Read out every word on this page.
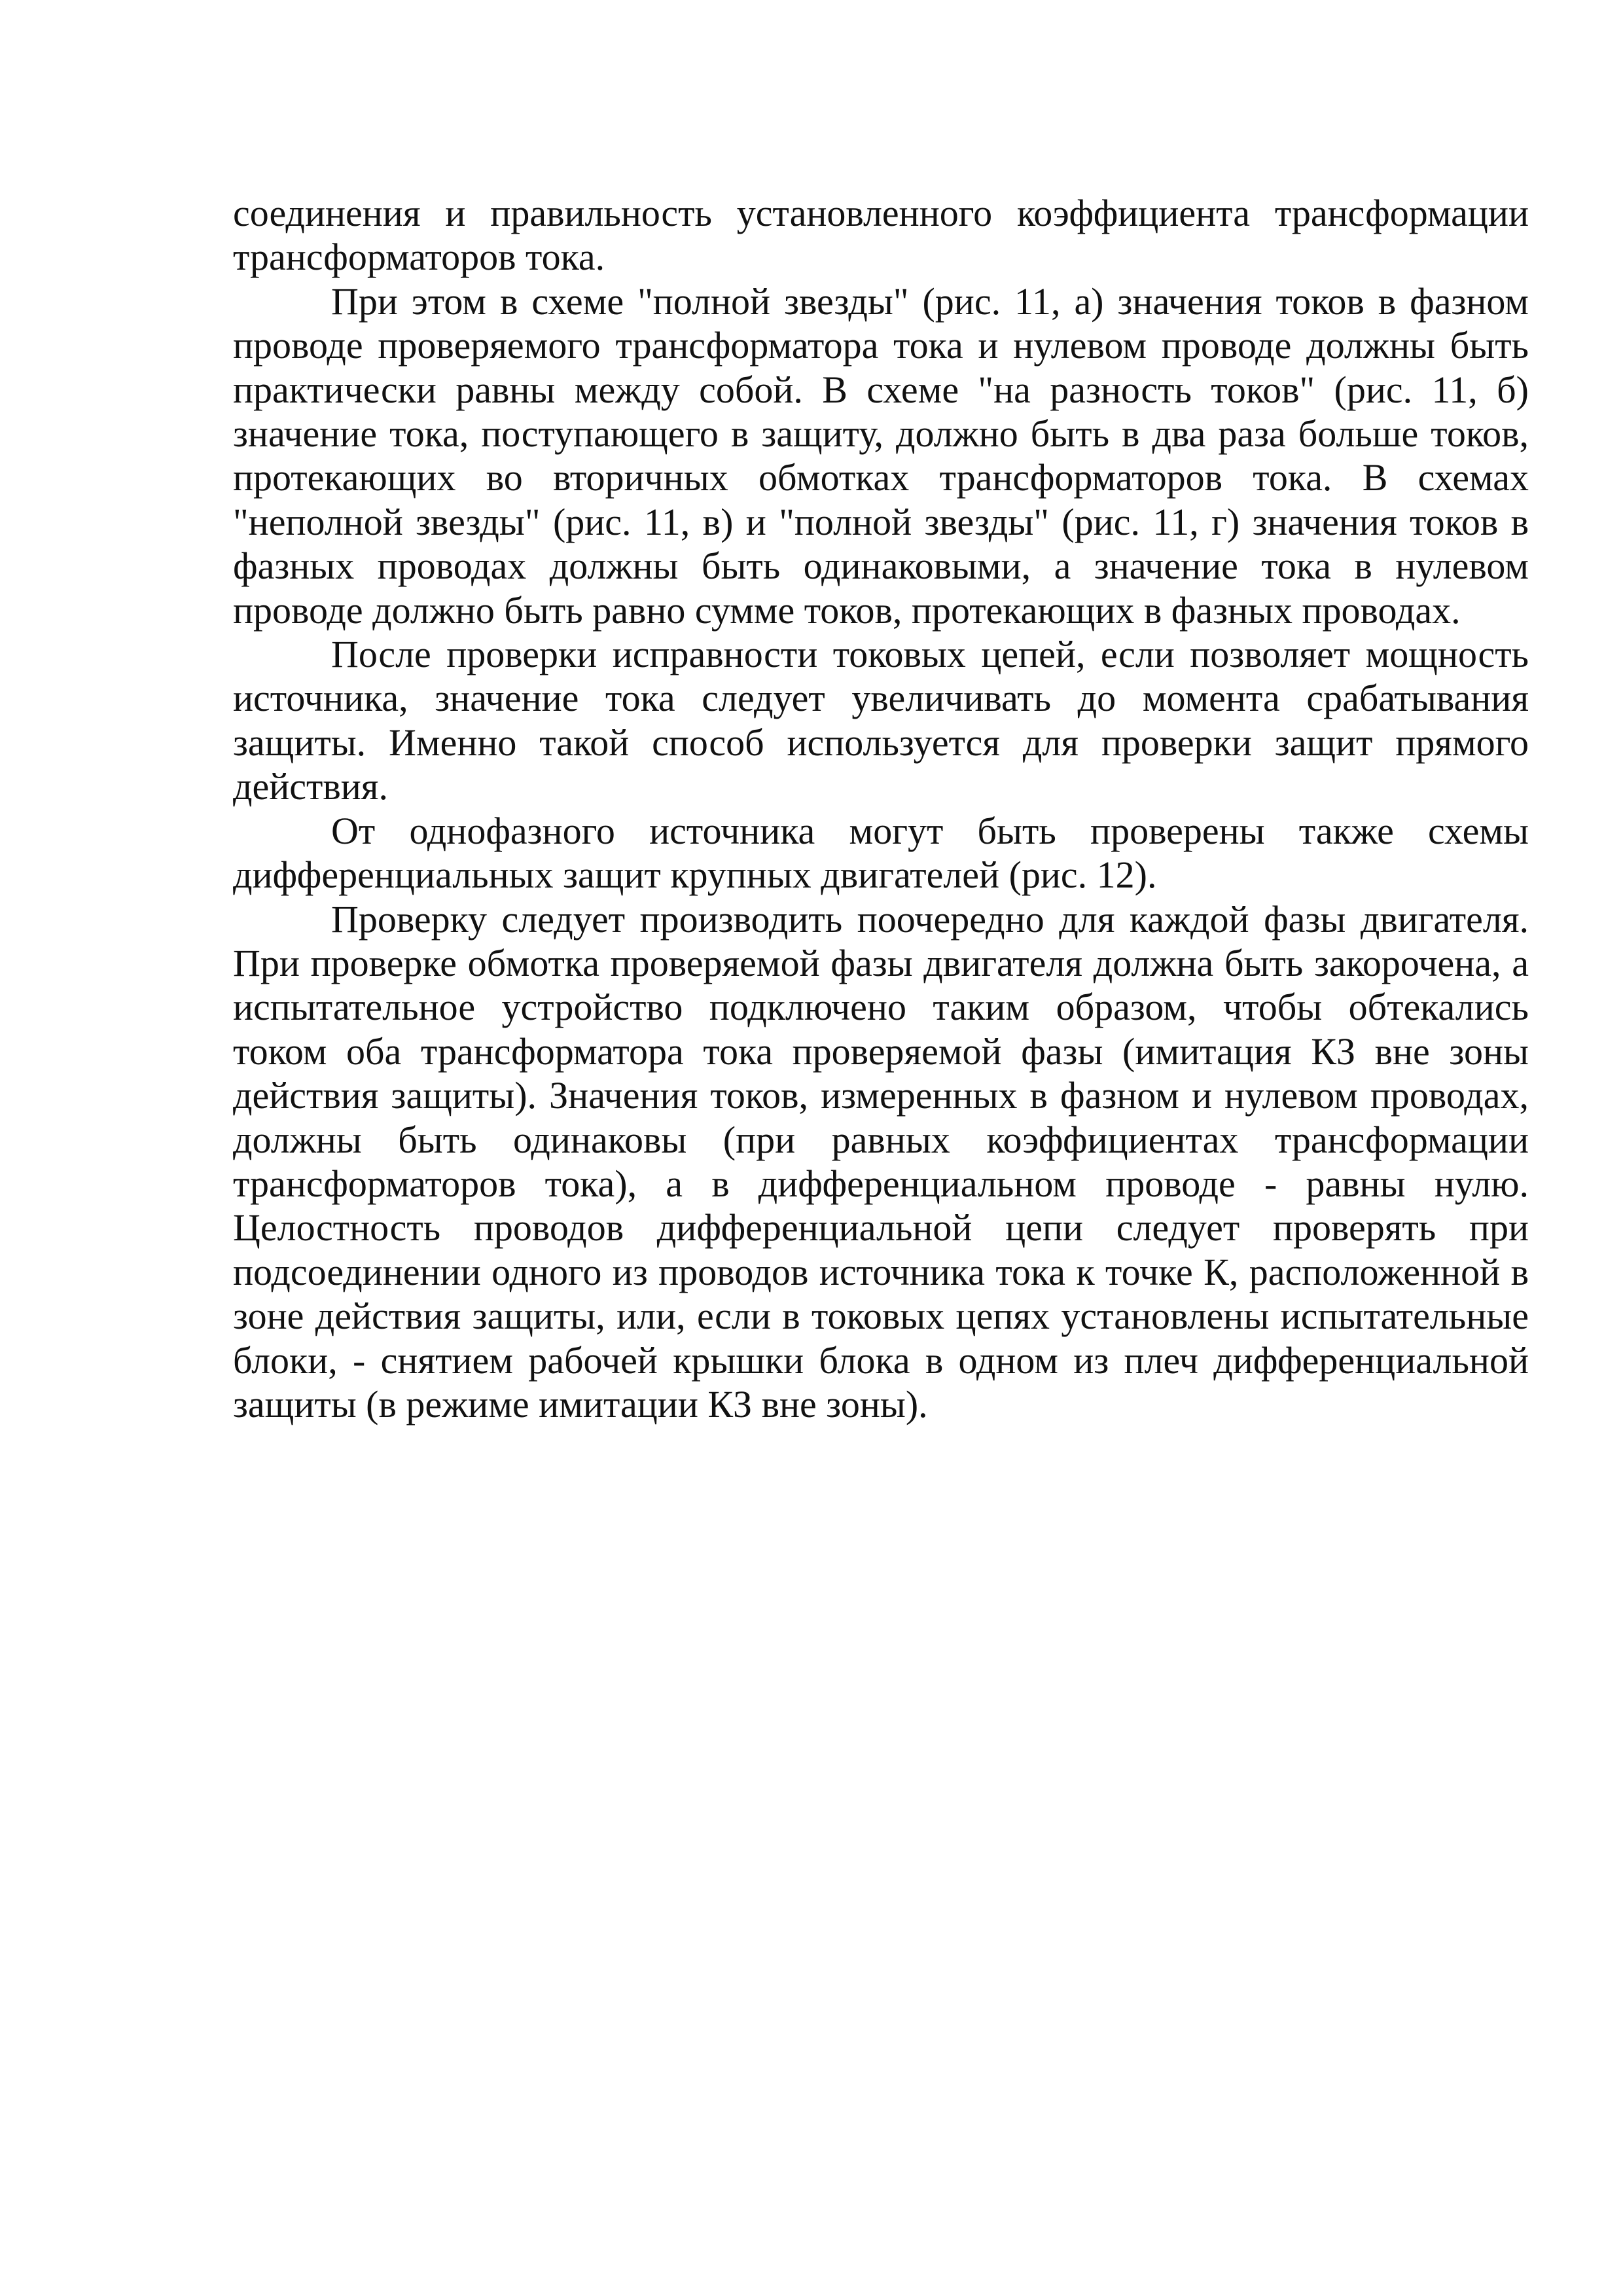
соединения и правильность установленного коэффициента трансформации трансформаторов тока.

При этом в схеме "полной звезды" (рис. 11, а) значения токов в фазном проводе проверяемого трансформатора тока и нулевом проводе должны быть практически равны между собой. В схеме "на разность токов" (рис. 11, б) значение тока, поступающего в защиту, должно быть в два раза больше токов, протекающих во вторичных обмотках трансформаторов тока. В схемах "неполной звезды" (рис. 11, в) и "полной звезды" (рис. 11, г) значения токов в фазных проводах должны быть одинаковыми, а значение тока в нулевом проводе должно быть равно сумме токов, протекающих в фазных проводах.

После проверки исправности токовых цепей, если позволяет мощность источника, значение тока следует увеличивать до момента срабатывания защиты. Именно такой способ используется для проверки защит прямого действия.

От однофазного источника могут быть проверены также схемы дифференциальных защит крупных двигателей (рис. 12).

Проверку следует производить поочередно для каждой фазы двигателя. При проверке обмотка проверяемой фазы двигателя должна быть закорочена, а испытательное устройство подключено таким образом, чтобы обтекались током оба трансформатора тока проверяемой фазы (имитация КЗ вне зоны действия защиты). Значения токов, измеренных в фазном и нулевом проводах, должны быть одинаковы (при равных коэффициентах трансформации трансформаторов тока), а в дифференциальном проводе - равны нулю. Целостность проводов дифференциальной цепи следует проверять при подсоединении одного из проводов источника тока к точке К, расположенной в зоне действия защиты, или, если в токовых цепях установлены испытательные блоки, - снятием рабочей крышки блока в одном из плеч дифференциальной защиты (в режиме имитации КЗ вне зоны).
